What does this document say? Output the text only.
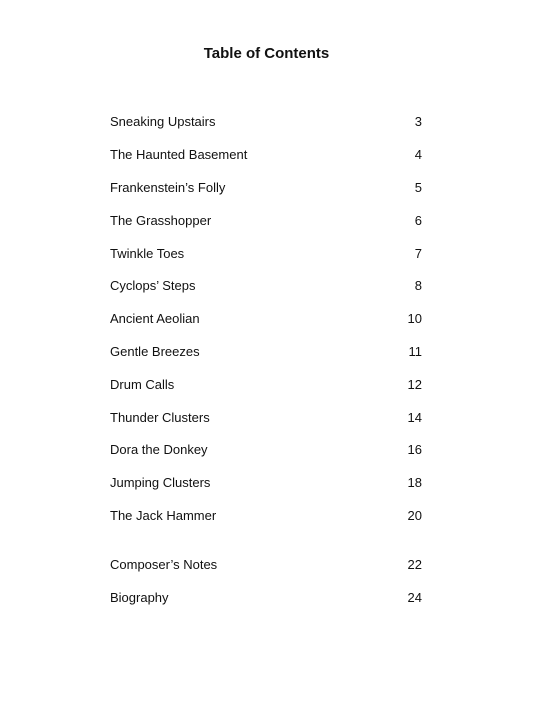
Table of Contents
Sneaking Upstairs	3
The Haunted Basement	4
Frankenstein’s Folly	5
The Grasshopper	6
Twinkle Toes	7
Cyclops’ Steps	8
Ancient Aeolian	10
Gentle Breezes	11
Drum Calls	12
Thunder Clusters	14
Dora the Donkey	16
Jumping Clusters	18
The Jack Hammer	20
Composer’s Notes	22
Biography	24
